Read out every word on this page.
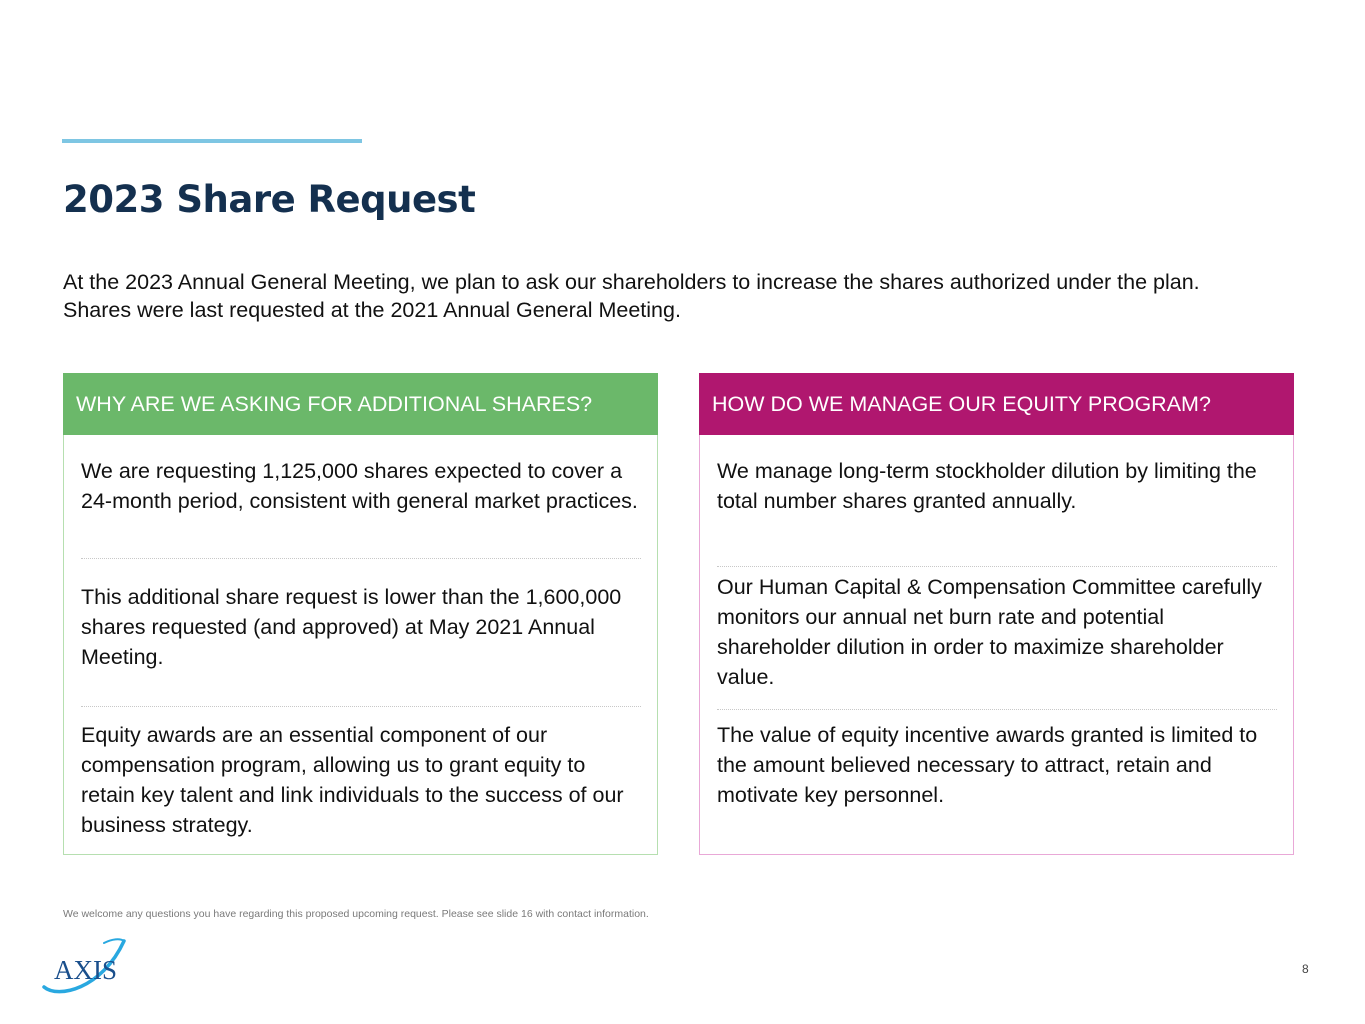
2023 Share Request

At the 2023 Annual General Meeting, we plan to ask our shareholders to increase the shares authorized under the plan.

Shares were last requested at the 2021 Annual General Meeting.

WHY ARE WE ASKING FOR ADDITIONAL SHARES?

We are requesting 1,125,000 shares expected to cover a 24-month period, consistent with general market practices.

This additional share request is lower than the 1,600,000 shares requested (and approved) at May 2021 Annual Meeting.

Equity awards are an essential component of our compensation program, allowing us to grant equity to retain key talent and link individuals to the success of our business strategy.

HOW DO WE MANAGE OUR EQUITY PROGRAM?

We manage long-term stockholder dilution by limiting the total number shares granted annually.

Our Human Capital & Compensation Committee carefully monitors our annual net burn rate and potential shareholder dilution in order to maximize shareholder value.

The value of equity incentive awards granted is limited to the amount believed necessary to attract, retain and motivate key personnel.

We welcome any questions you have regarding this proposed upcoming request. Please see slide 16 with contact information.

AXIS	8
